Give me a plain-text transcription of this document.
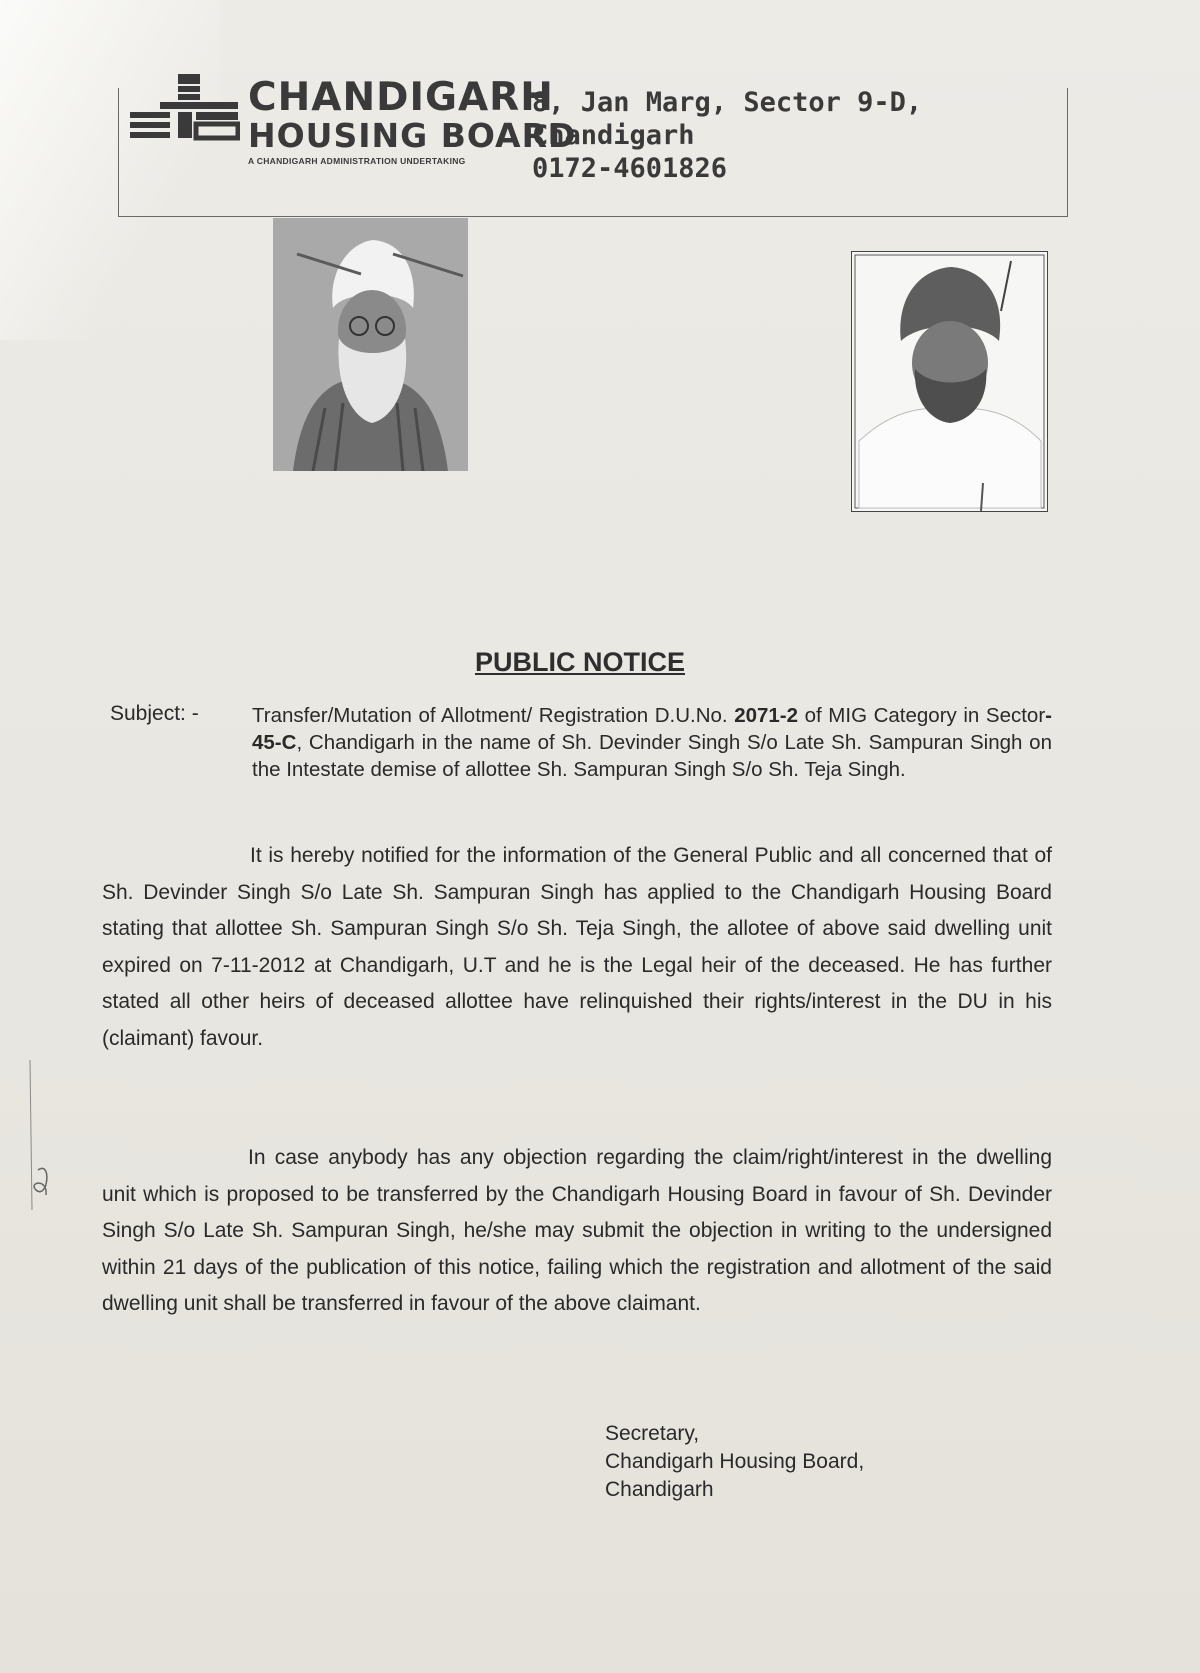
CHANDIGARH
HOUSING BOARD
A CHANDIGARH ADMINISTRATION UNDERTAKING
8, Jan Marg, Sector 9-D,
Chandigarh
0172-4601826
PUBLIC NOTICE
Subject: -	Transfer/Mutation of Allotment/ Registration D.U.No. 2071-2 of MIG Category in Sector- 45-C, Chandigarh in the name of Sh. Devinder Singh S/o Late Sh. Sampuran Singh on the Intestate demise of allottee Sh. Sampuran Singh S/o Sh. Teja Singh.
It is hereby notified for the information of the General Public and all concerned that of Sh. Devinder Singh S/o Late Sh. Sampuran Singh has applied to the Chandigarh Housing Board stating that allottee Sh. Sampuran Singh S/o Sh. Teja Singh, the allotee of above said dwelling unit expired on 7-11-2012 at Chandigarh, U.T and he is the Legal heir of the deceased. He has further stated all other heirs of deceased allottee have relinquished their rights/interest in the DU in his (claimant) favour.
In case anybody has any objection regarding the claim/right/interest in the dwelling unit which is proposed to be transferred by the Chandigarh Housing Board in favour of Sh. Devinder Singh S/o Late Sh. Sampuran Singh, he/she may submit the objection in writing to the undersigned within 21 days of the publication of this notice, failing which the registration and allotment of the said dwelling unit shall be transferred in favour of the above claimant.
Secretary,
Chandigarh Housing Board,
Chandigarh
